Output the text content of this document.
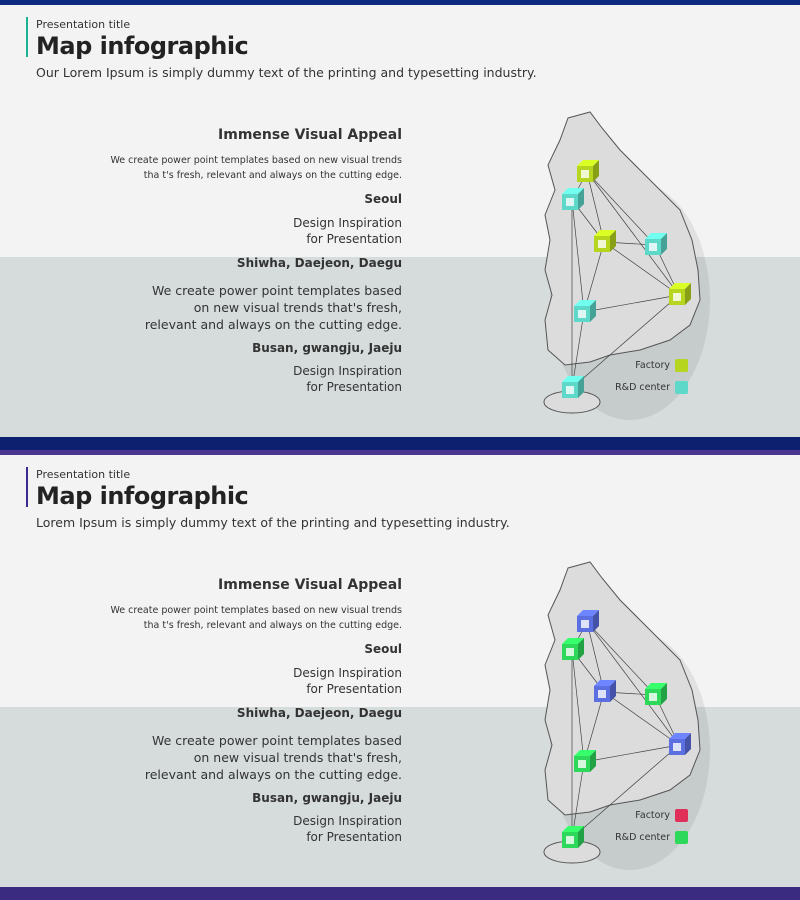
Presentation title
Map infographic
Our Lorem Ipsum is simply dummy text of the printing and typesetting industry.
Immense Visual Appeal
We create power point templates based on new visual trends tha t's fresh, relevant and always on the cutting edge.
Seoul
Design Inspiration for Presentation
Shiwha, Daejeon, Daegu
We create power point templates based on new visual trends that's fresh, relevant and always on the cutting edge.
Busan, gwangju, Jaeju
Design Inspiration for Presentation
Factory
R&D center
Presentation title
Map infographic
Lorem Ipsum is simply dummy text of the printing and typesetting industry.
Immense Visual Appeal
We create power point templates based on new visual trends tha t's fresh, relevant and always on the cutting edge.
Seoul
Design Inspiration for Presentation
Shiwha, Daejeon, Daegu
We create power point templates based on new visual trends that's fresh, relevant and always on the cutting edge.
Busan, gwangju, Jaeju
Design Inspiration for Presentation
Factory
R&D center
